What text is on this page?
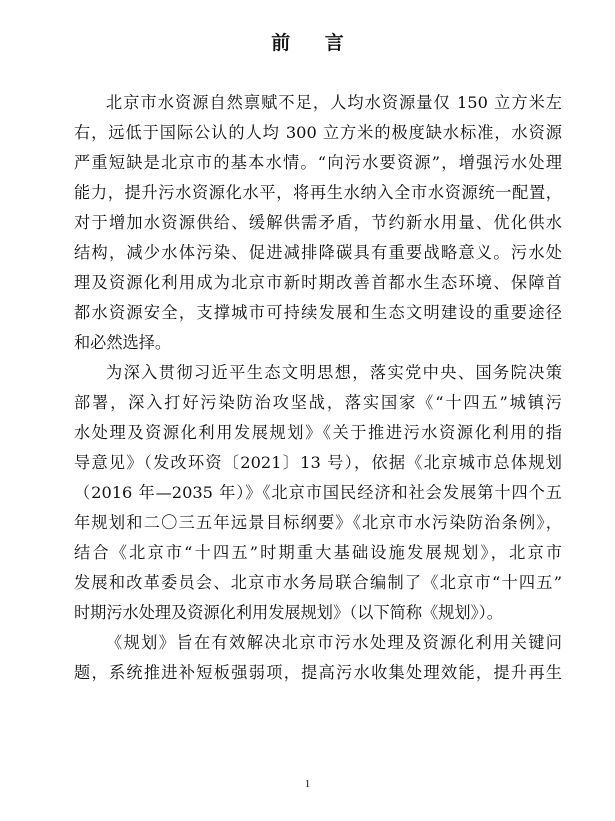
前 言
北京市水资源自然禀赋不足，人均水资源量仅 150 立方米左
右，远低于国际公认的人均 300 立方米的极度缺水标准，水资源
严重短缺是北京市的基本水情。“向污水要资源”，增强污水处理
能力，提升污水资源化水平，将再生水纳入全市水资源统一配置，
对于增加水资源供给、缓解供需矛盾，节约新水用量、优化供水
结构，减少水体污染、促进减排降碳具有重要战略意义。污水处
理及资源化利用成为北京市新时期改善首都水生态环境、保障首
都水资源安全，支撑城市可持续发展和生态文明建设的重要途径
和必然选择。
为深入贯彻习近平生态文明思想，落实党中央、国务院决策
部署，深入打好污染防治攻坚战，落实国家《“十四五”城镇污
水处理及资源化利用发展规划》《关于推进污水资源化利用的指
导意见》（发改环资〔2021〕13 号），依据《北京城市总体规划
（2016 年—2035 年）》《北京市国民经济和社会发展第十四个五
年规划和二〇三五年远景目标纲要》《北京市水污染防治条例》，
结合《北京市“十四五”时期重大基础设施发展规划》，北京市
发展和改革委员会、北京市水务局联合编制了《北京市“十四五”
时期污水处理及资源化利用发展规划》（以下简称《规划》）。
《规划》旨在有效解决北京市污水处理及资源化利用关键问
题，系统推进补短板强弱项，提高污水收集处理效能，提升再生
1
